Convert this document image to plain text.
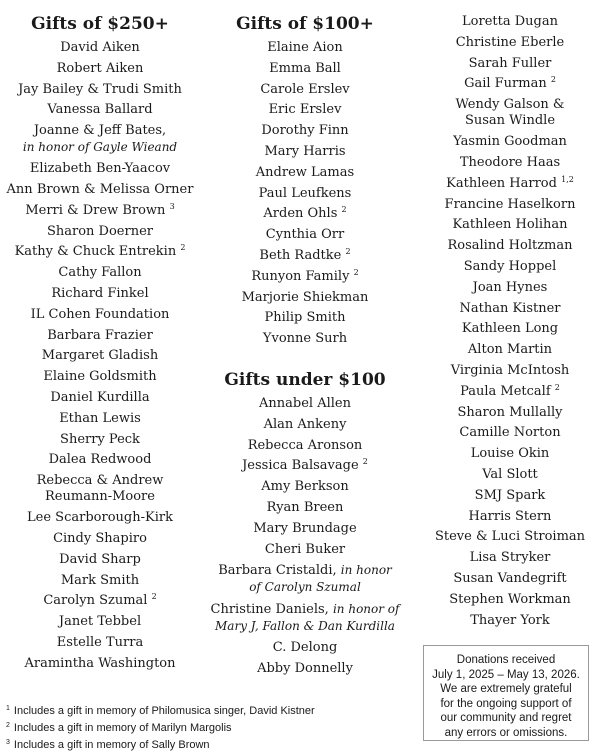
Gifts of $250+
David Aiken
Robert Aiken
Jay Bailey & Trudi Smith
Vanessa Ballard
Joanne & Jeff Bates,
in honor of Gayle Wieand
Elizabeth Ben-Yaacov
Ann Brown & Melissa Orner
Merri & Drew Brown $^3$
Sharon Doerner
Kathy & Chuck Entrekin $^2$
Cathy Fallon
Richard Finkel
IL Cohen Foundation
Barbara Frazier
Margaret Gladish
Elaine Goldsmith
Daniel Kurdilla
Ethan Lewis
Sherry Peck
Dalea Redwood
Rebecca & Andrew
Reumann-Moore
Lee Scarborough-Kirk
Cindy Shapiro
David Sharp
Mark Smith
Carolyn Szumal $^2$
Janet Tebbel
Estelle Turra
Aramintha Washington
Gifts of $100+
Elaine Aion
Emma Ball
Carole Erslev
Eric Erslev
Dorothy Finn
Mary Harris
Andrew Lamas
Paul Leufkens
Arden Ohls $^2$
Cynthia Orr
Beth Radtke $^2$
Runyon Family $^2$
Marjorie Shiekman
Philip Smith
Yvonne Surh
Gifts under $100
Annabel Allen
Alan Ankeny
Rebecca Aronson
Jessica Balsavage $^2$
Amy Berkson
Ryan Breen
Mary Brundage
Cheri Buker
Barbara Cristaldi, in honor
of Carolyn Szumal
Christine Daniels, in honor of
Mary J, Fallon & Dan Kurdilla
C. Delong
Abby Donnelly
Loretta Dugan
Christine Eberle
Sarah Fuller
Gail Furman $^2$
Wendy Galson &
Susan Windle
Yasmin Goodman
Theodore Haas
Kathleen Harrod $^{1,2}$
Francine Haselkorn
Kathleen Holihan
Rosalind Holtzman
Sandy Hoppel
Joan Hynes
Nathan Kistner
Kathleen Long
Alton Martin
Virginia McIntosh
Paula Metcalf $^2$
Sharon Mullally
Camille Norton
Louise Okin
Val Slott
SMJ Spark
Harris Stern
Steve & Luci Stroiman
Lisa Stryker
Susan Vandegrift
Stephen Workman
Thayer York
Donations received
July 1, 2025 – May 13, 2026.
We are extremely grateful
for the ongoing support of
our community and regret
any errors or omissions.
$^1$ Includes a gift in memory of Philomusica singer, David Kistner
$^2$ Includes a gift in memory of Marilyn Margolis
$^3$ Includes a gift in memory of Sally Brown
